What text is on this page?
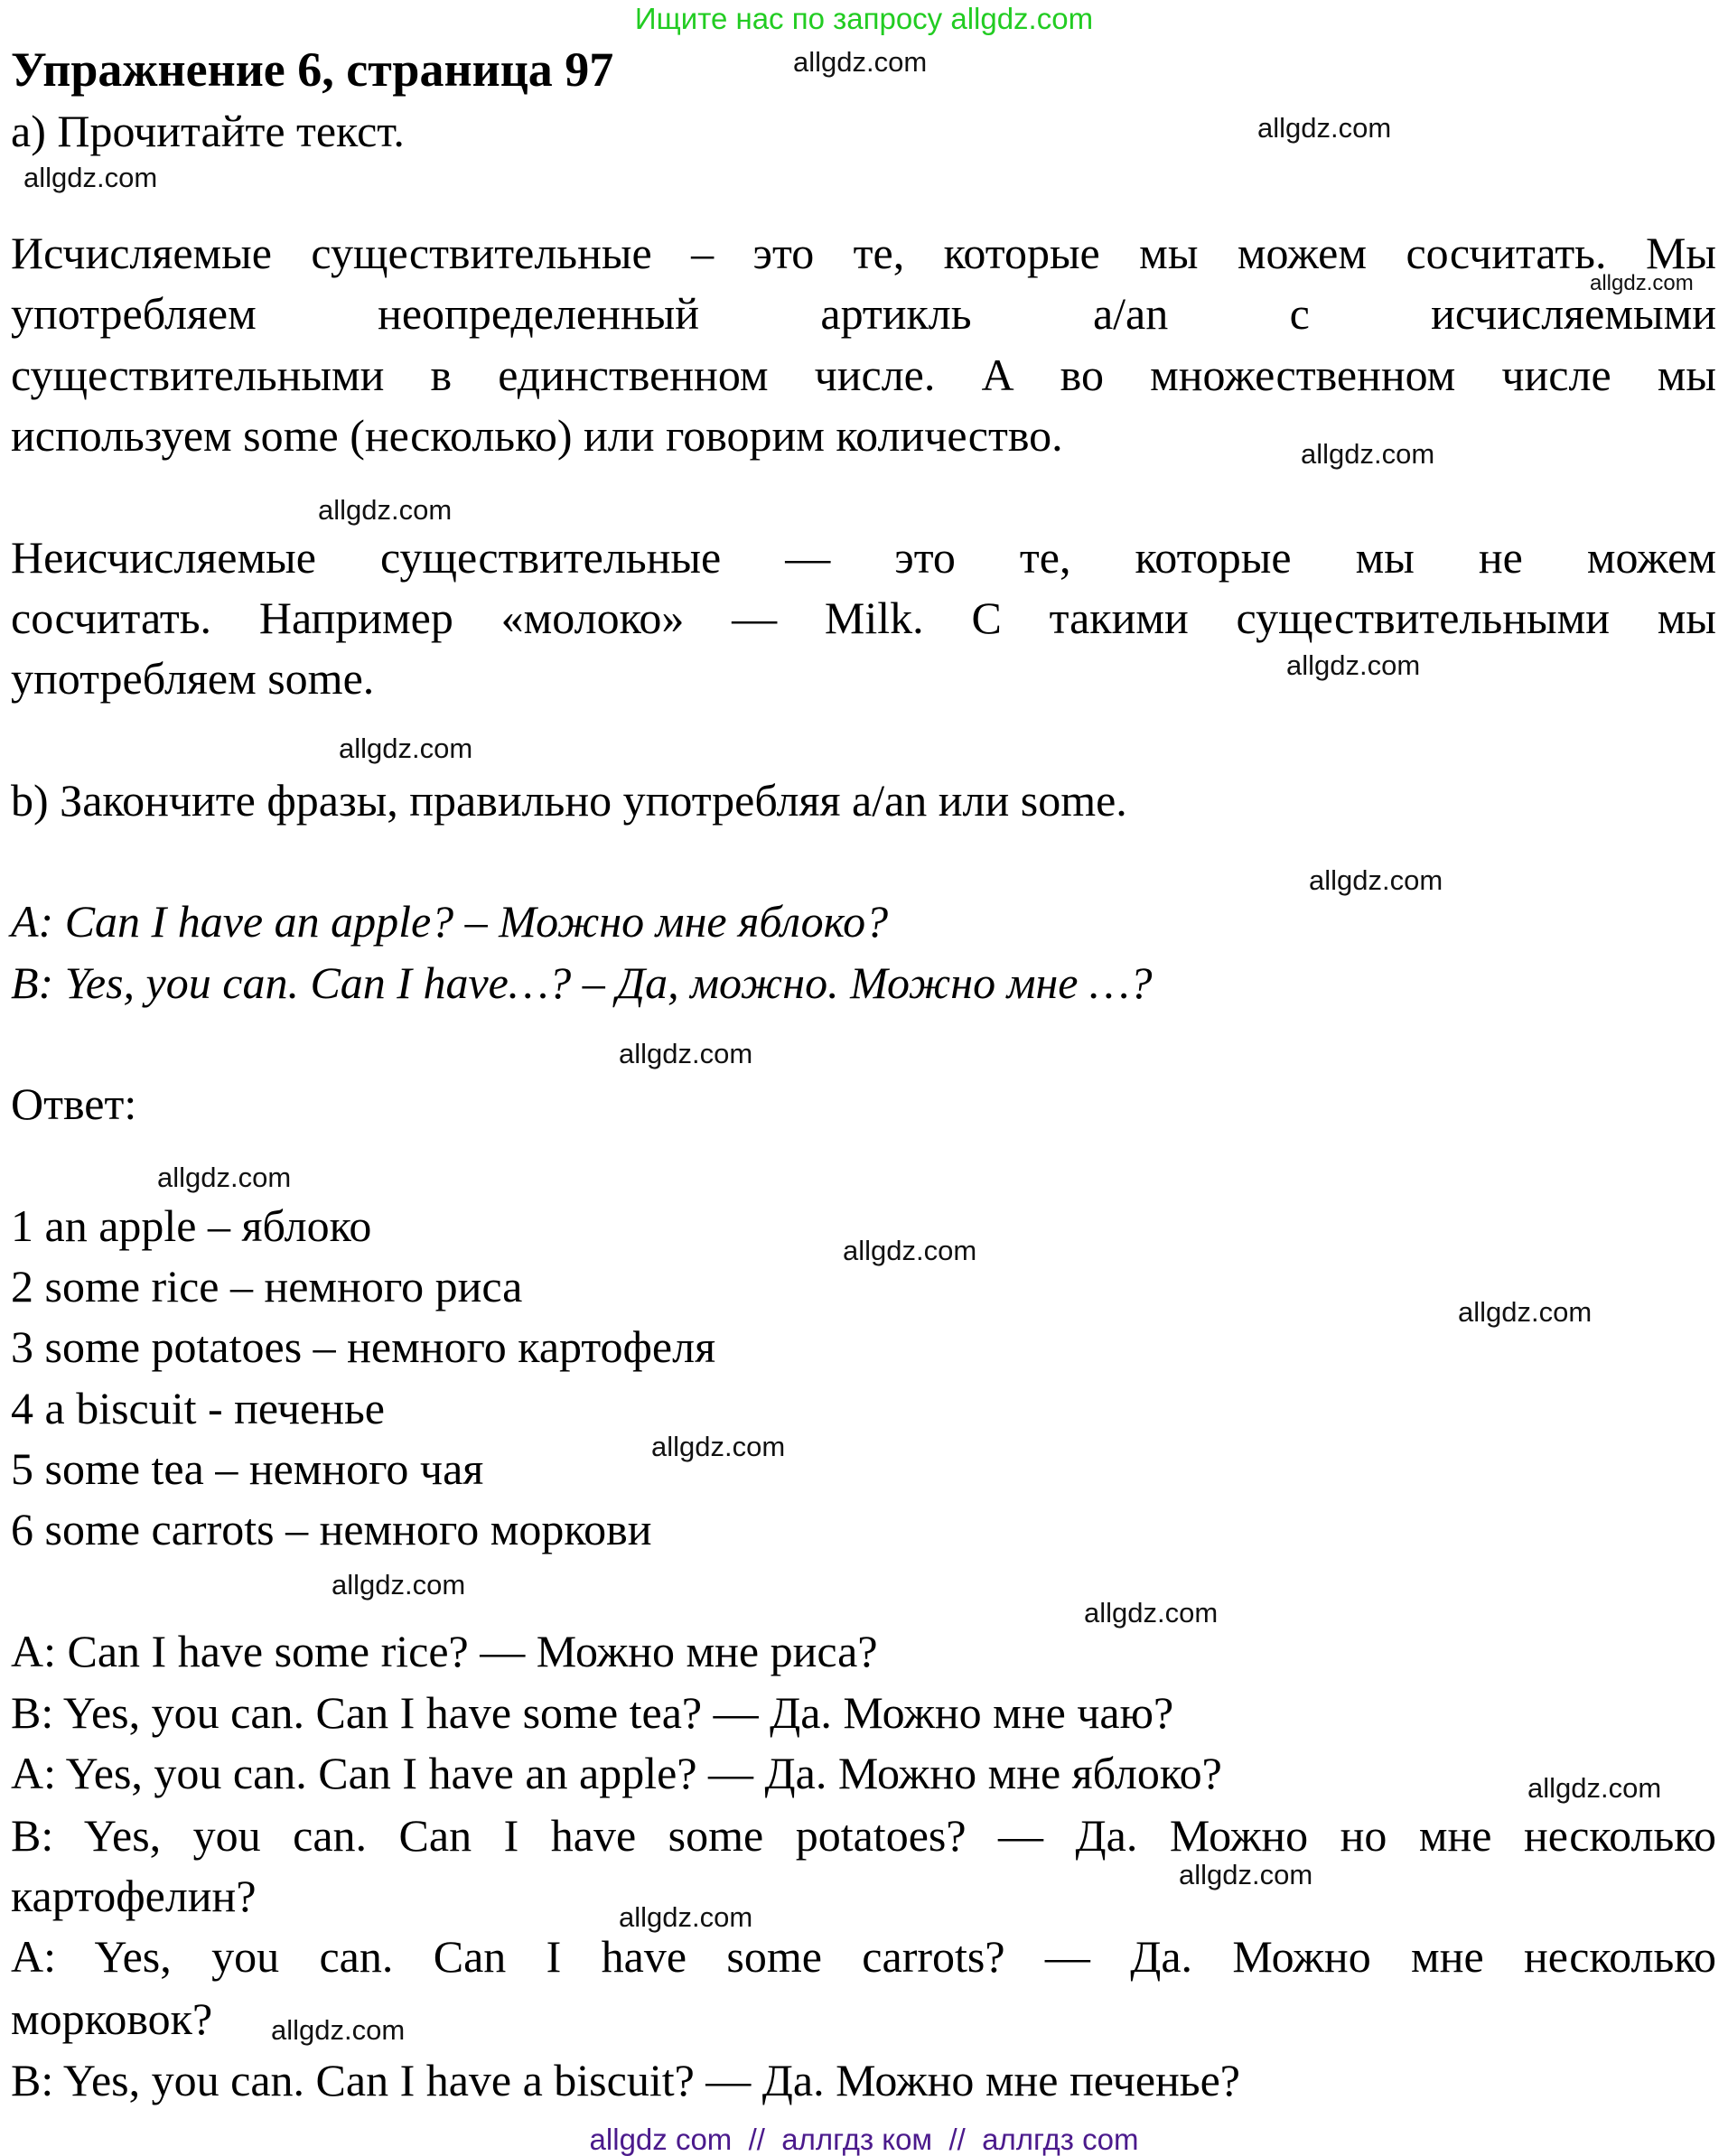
Ищите нас по запросу allgdz.com
Упражнение 6, страница 97
а) Прочитайте текст.
Исчисляемые существительные – это те, которые мы можем сосчитать. Мы
употребляем неопределенный артикль a/an с исчисляемыми
существительными в единственном числе. А во множественном числе мы
используем some (несколько) или говорим количество.
Неисчисляемые существительные — это те, которые мы не можем
сосчитать. Например «молоко» — Milk. С такими существительными мы
употребляем some.
b) Закончите фразы, правильно употребляя a/an или some.
A: Can I have an apple? – Можно мне яблоко?
B: Yes, you can. Can I have…? – Да, можно. Можно мне …?
Ответ:
1 an apple – яблоко
2 some rice – немного риса
3 some potatoes – немного картофеля
4 a biscuit - печенье
5 some tea – немного чая
6 some carrots – немного моркови
A: Can I have some rice? — Можно мне риса?
B: Yes, you can. Can I have some tea? — Да. Можно мне чаю?
A: Yes, you can. Can I have an apple? — Да. Можно мне яблоко?
B: Yes, you can. Can I have some potatoes? — Да. Можно но мне несколько
картофелин?
A: Yes, you can. Can I have some carrots? — Да. Можно мне несколько
морковок?
B: Yes, you can. Can I have a biscuit? — Да. Можно мне печенье?
allgdz.com
allgdz.com
allgdz.com
allgdz.com
allgdz.com
allgdz.com
allgdz.com
allgdz.com
allgdz.com
allgdz.com
allgdz.com
allgdz.com
allgdz.com
allgdz.com
allgdz.com
allgdz.com
allgdz.com
allgdz.com
allgdz.com
allgdz.com
allgdz com  //  аллгдз ком  //  аллгдз com
